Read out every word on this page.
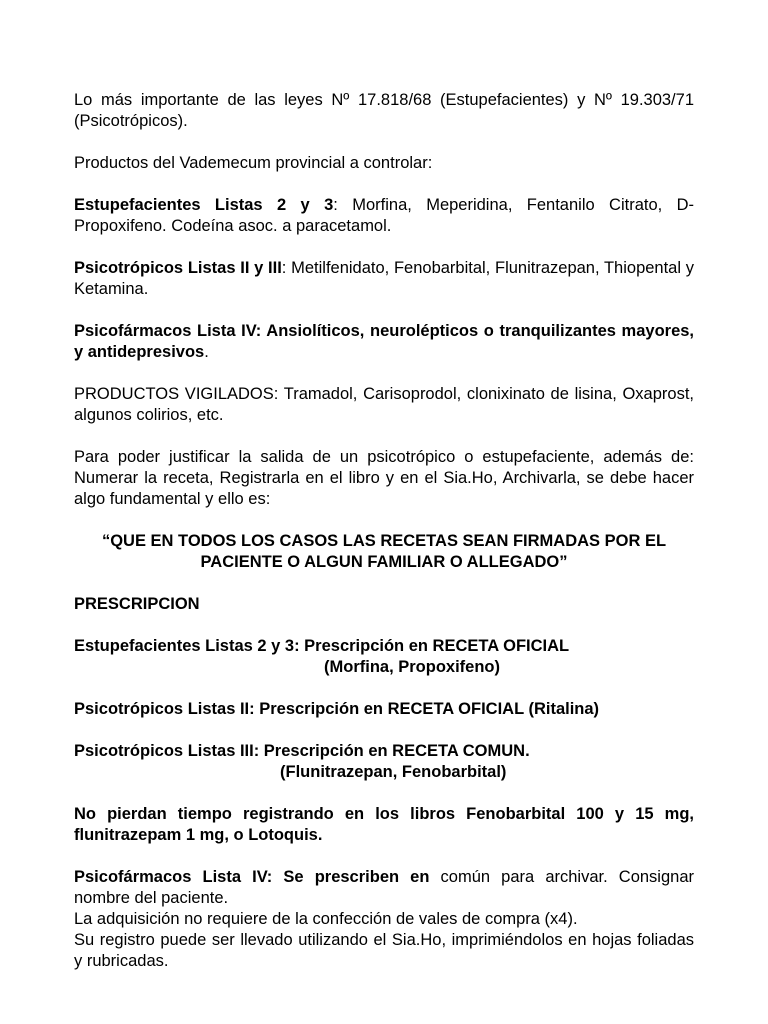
Lo más importante de las leyes Nº 17.818/68 (Estupefacientes) y Nº 19.303/71 (Psicotrópicos).

Productos del Vademecum provincial a controlar:

Estupefacientes Listas 2 y 3: Morfina, Meperidina, Fentanilo Citrato, D-Propoxifeno. Codeína asoc. a paracetamol.

Psicotrópicos Listas II y III: Metilfenidato, Fenobarbital, Flunitrazepan, Thiopental y Ketamina.

Psicofármacos Lista IV: Ansiolíticos, neurolépticos o tranquilizantes mayores, y antidepresivos.

PRODUCTOS VIGILADOS: Tramadol, Carisoprodol, clonixinato de lisina, Oxaprost, algunos colirios, etc.

Para poder justificar la salida de un psicotrópico o estupefaciente, además de: Numerar la receta, Registrarla en el libro y en el Sia.Ho, Archivarla, se debe hacer algo fundamental y ello es:

“QUE EN TODOS LOS CASOS LAS RECETAS SEAN FIRMADAS POR EL
PACIENTE O ALGUN FAMILIAR O ALLEGADO”

PRESCRIPCION

Estupefacientes Listas 2 y 3: Prescripción en RECETA OFICIAL
(Morfina, Propoxifeno)

Psicotrópicos Listas II: Prescripción en RECETA OFICIAL (Ritalina)

Psicotrópicos Listas III: Prescripción en RECETA COMUN.
(Flunitrazepan, Fenobarbital)

No pierdan tiempo registrando en los libros Fenobarbital 100 y 15 mg, flunitrazepam 1 mg, o Lotoquis.

Psicofármacos Lista IV: Se prescriben en común para archivar. Consignar nombre del paciente.

La adquisición no requiere de la confección de vales de compra (x4).

Su registro puede ser llevado utilizando el Sia.Ho, imprimiéndolos en hojas foliadas y rubricadas.
